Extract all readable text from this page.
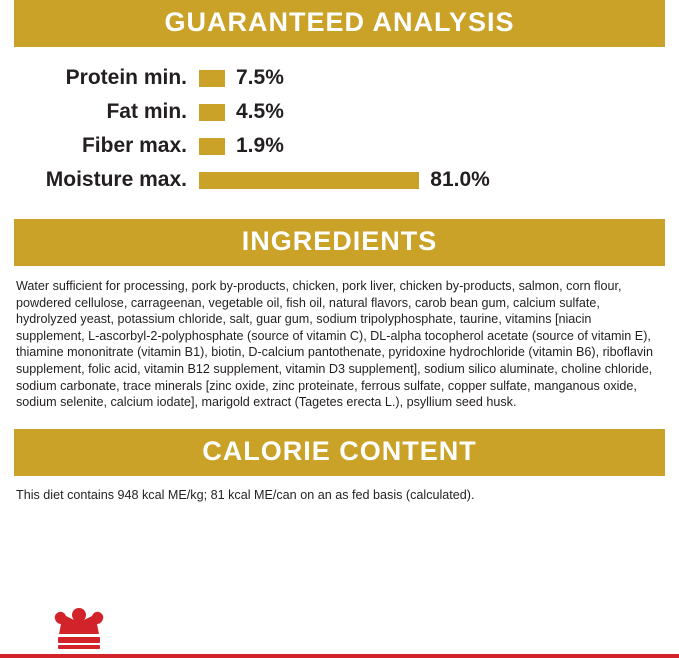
GUARANTEED ANALYSIS
Protein min.	7.5%
Fat min.	4.5%
Fiber max.	1.9%
Moisture max.	81.0%
INGREDIENTS
Water sufficient for processing, pork by-products, chicken, pork liver, chicken by-products, salmon, corn flour, powdered cellulose, carrageenan, vegetable oil, fish oil, natural flavors, carob bean gum, calcium sulfate, hydrolyzed yeast, potassium chloride, salt, guar gum, sodium tripolyphosphate, taurine, vitamins [niacin supplement, L-ascorbyl-2-polyphosphate (source of vitamin C), DL-alpha tocopherol acetate (source of vitamin E), thiamine mononitrate (vitamin B1), biotin, D-calcium pantothenate, pyridoxine hydrochloride (vitamin B6), riboflavin supplement, folic acid, vitamin B12 supplement, vitamin D3 supplement], sodium silico aluminate, choline chloride, sodium carbonate, trace minerals [zinc oxide, zinc proteinate, ferrous sulfate, copper sulfate, manganous oxide, sodium selenite, calcium iodate], marigold extract (Tagetes erecta L.), psyllium seed husk.
CALORIE CONTENT
This diet contains 948 kcal ME/kg; 81 kcal ME/can on an as fed basis (calculated).
